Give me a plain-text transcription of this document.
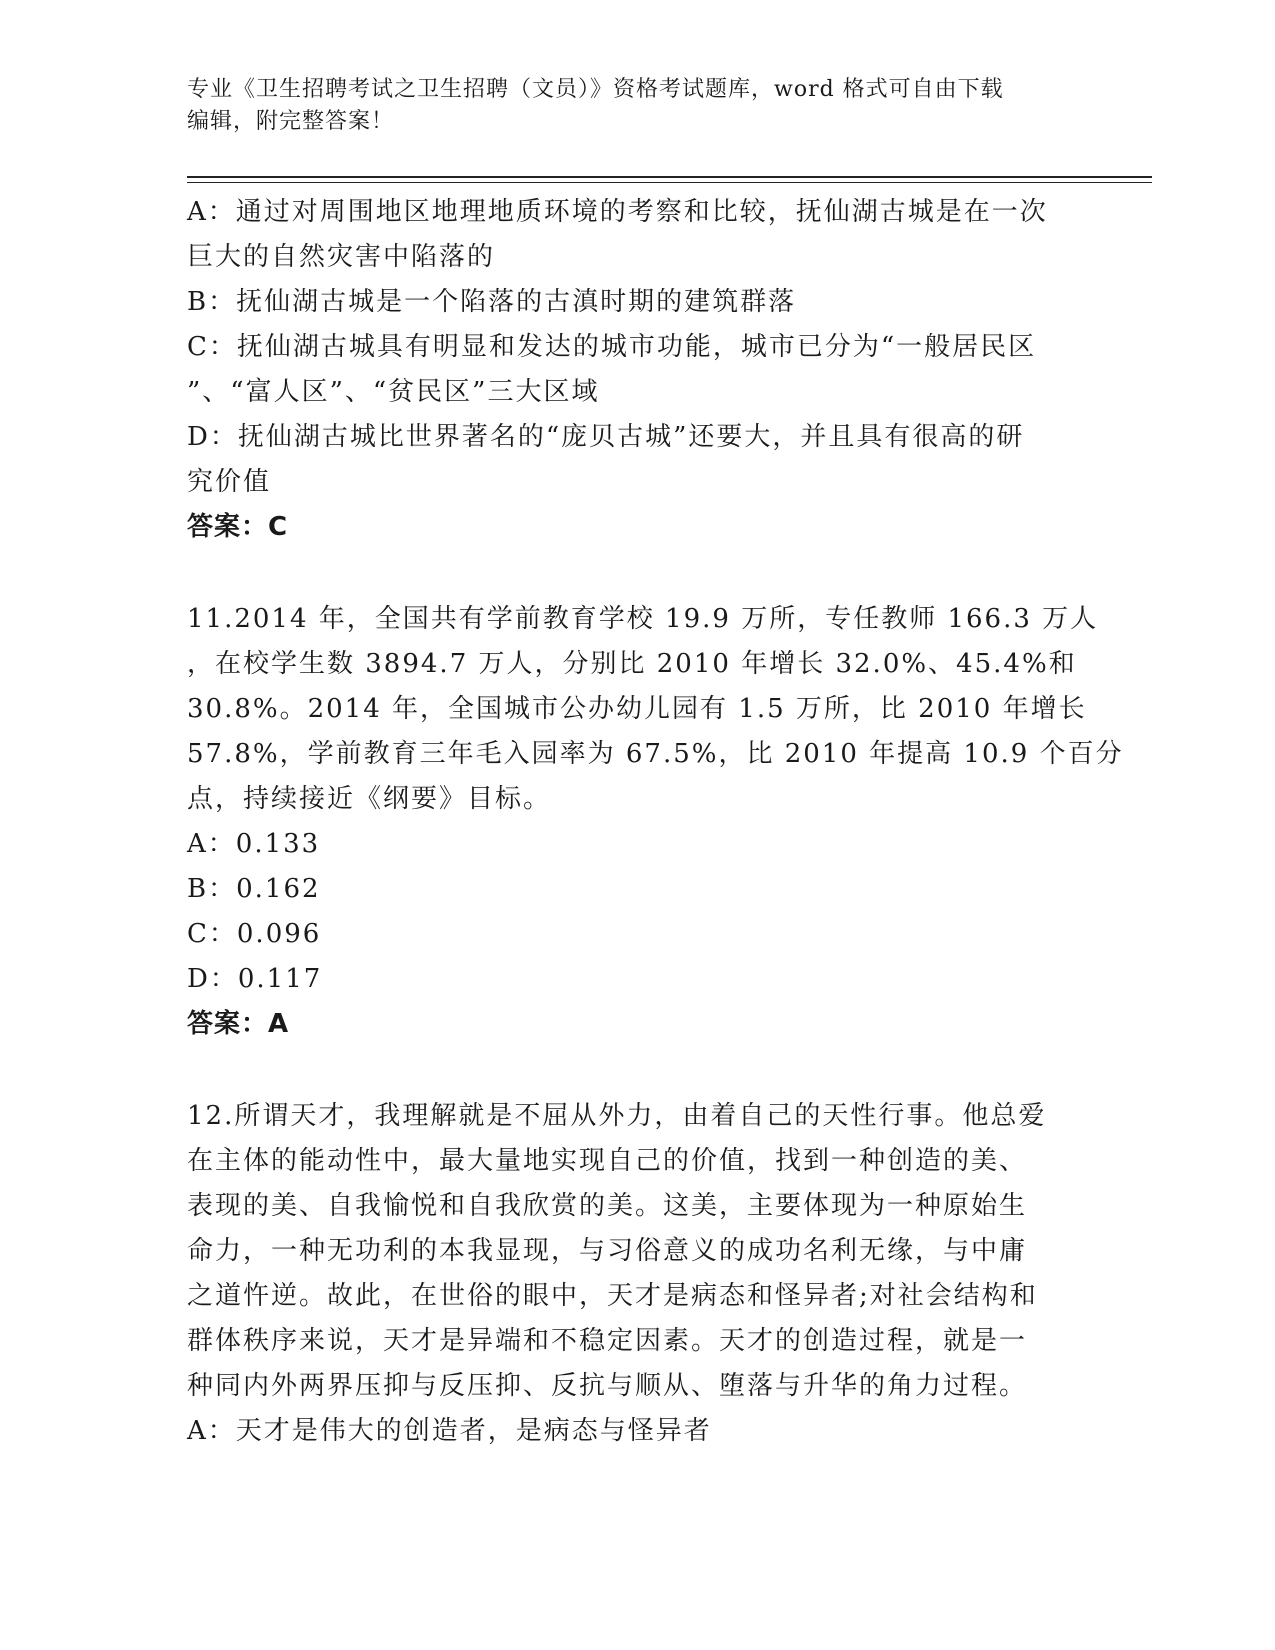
专业《卫生招聘考试之卫生招聘（文员）》资格考试题库，word 格式可自由下载
编辑，附完整答案！
A：通过对周围地区地理地质环境的考察和比较，抚仙湖古城是在一次
巨大的自然灾害中陷落的
B：抚仙湖古城是一个陷落的古滇时期的建筑群落
C：抚仙湖古城具有明显和发达的城市功能，城市已分为“一般居民区
”、“富人区”、“贫民区”三大区域
D：抚仙湖古城比世界著名的“庞贝古城”还要大，并且具有很高的研
究价值
答案：C
11.2014 年，全国共有学前教育学校 19.9 万所，专任教师 166.3 万人
，在校学生数 3894.7 万人，分别比 2010 年增长 32.0%、45.4%和
30.8%。2014 年，全国城市公办幼儿园有 1.5 万所，比 2010 年增长
57.8%，学前教育三年毛入园率为 67.5%，比 2010 年提高 10.9 个百分
点，持续接近《纲要》目标。
A：0.133
B：0.162
C：0.096
D：0.117
答案：A
12.所谓天才，我理解就是不屈从外力，由着自己的天性行事。他总爱
在主体的能动性中，最大量地实现自己的价值，找到一种创造的美、
表现的美、自我愉悦和自我欣赏的美。这美，主要体现为一种原始生
命力，一种无功利的本我显现，与习俗意义的成功名利无缘，与中庸
之道忤逆。故此，在世俗的眼中，天才是病态和怪异者;对社会结构和
群体秩序来说，天才是异端和不稳定因素。天才的创造过程，就是一
种同内外两界压抑与反压抑、反抗与顺从、堕落与升华的角力过程。
A：天才是伟大的创造者，是病态与怪异者
